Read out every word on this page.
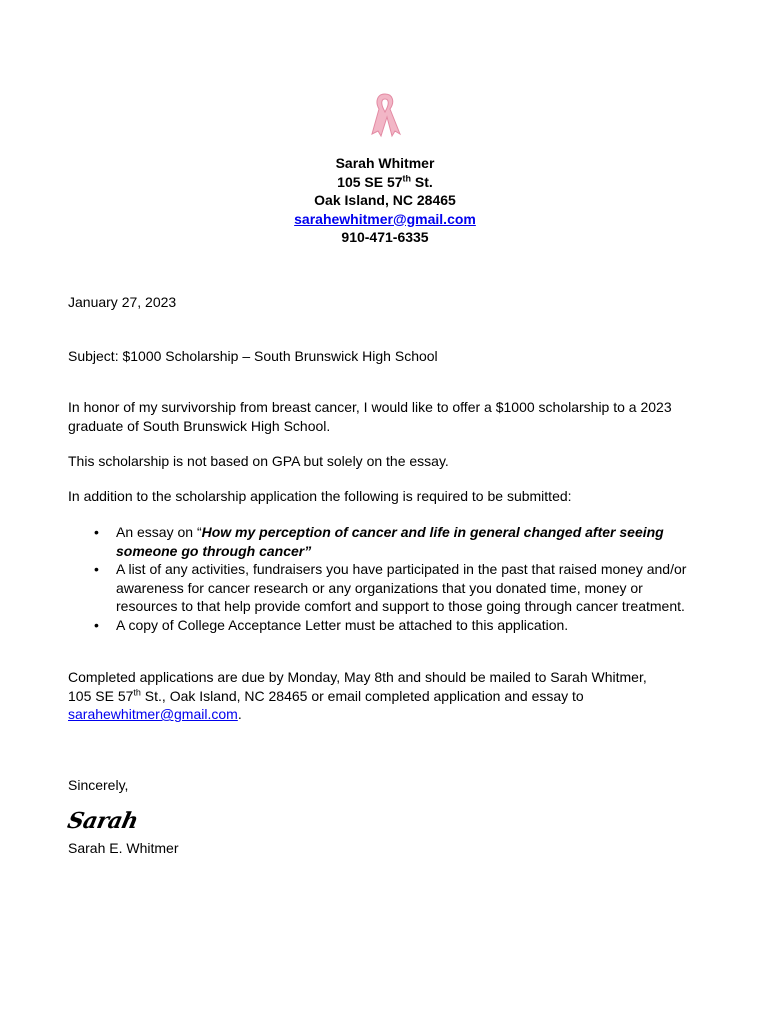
Sarah Whitmer
105 SE 57th St.
Oak Island, NC 28465
sarahewhitmer@gmail.com
910-471-6335

January 27, 2023

Subject: $1000 Scholarship – South Brunswick High School

In honor of my survivorship from breast cancer, I would like to offer a $1000 scholarship to a 2023 graduate of South Brunswick High School.

This scholarship is not based on GPA but solely on the essay.

In addition to the scholarship application the following is required to be submitted:

• An essay on “How my perception of cancer and life in general changed after seeing someone go through cancer”
• A list of any activities, fundraisers you have participated in the past that raised money and/or awareness for cancer research or any organizations that you donated time, money or resources to that help provide comfort and support to those going through cancer treatment.
• A copy of College Acceptance Letter must be attached to this application.
Completed applications are due by Monday, May 8th and should be mailed to Sarah Whitmer,
105 SE 57th St., Oak Island, NC 28465 or email completed application and essay to
sarahewhitmer@gmail.com.

Sincerely,

Sarah

Sarah E. Whitmer
